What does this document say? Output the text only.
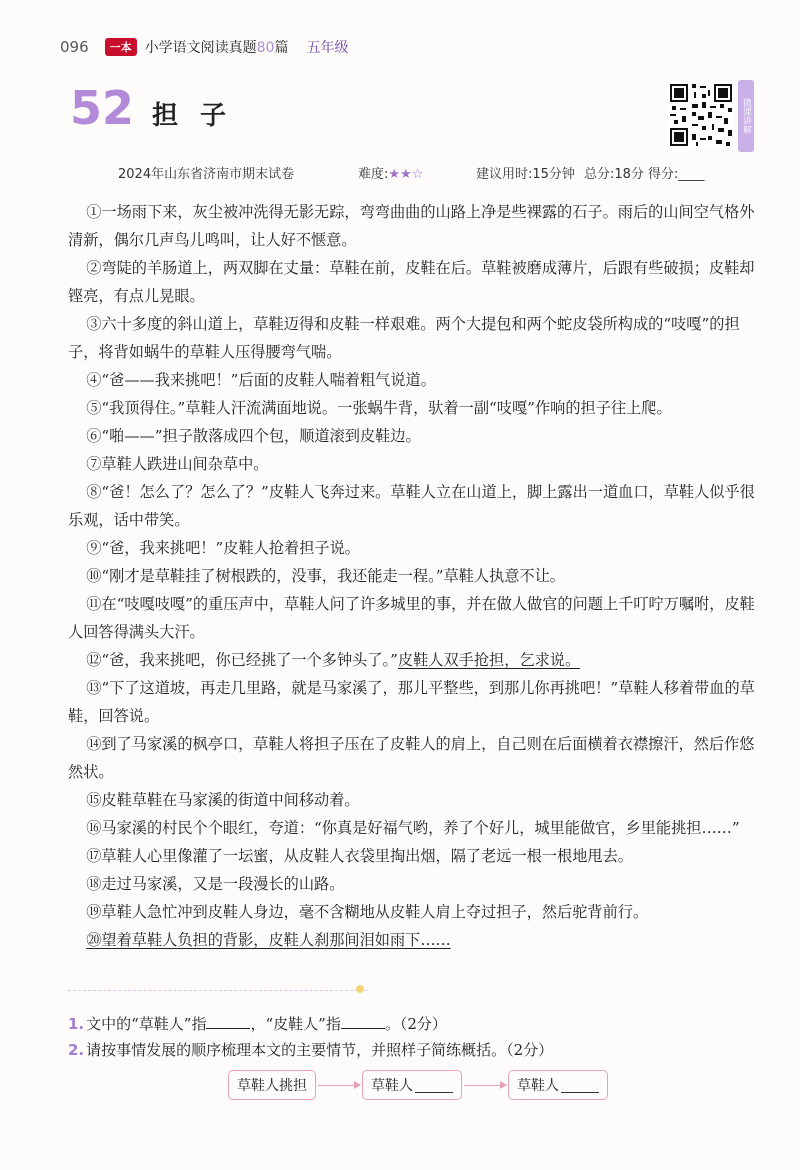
096	一本 小学语文阅读真题80篇 五年级
52 担子	微课讲解
2024年山东省济南市期末试卷	难度:★★☆	建议用时:15分钟 总分:18分 得分:____

①一场雨下来，灰尘被冲洗得无影无踪，弯弯曲曲的山路上净是些裸露的石子。雨后的山间空气格外清新，偶尔几声鸟儿鸣叫，让人好不惬意。

②弯陡的羊肠道上，两双脚在丈量：草鞋在前，皮鞋在后。草鞋被磨成薄片，后跟有些破损；皮鞋却铿亮，有点儿晃眼。

③六十多度的斜山道上，草鞋迈得和皮鞋一样艰难。两个大提包和两个蛇皮袋所构成的“吱嘎”的担子，将背如蜗牛的草鞋人压得腰弯气喘。

④“爸——我来挑吧！”后面的皮鞋人喘着粗气说道。

⑤“我顶得住。”草鞋人汗流满面地说。一张蜗牛背，驮着一副“吱嘎”作响的担子往上爬。

⑥“啪——”担子散落成四个包，顺道滚到皮鞋边。

⑦草鞋人跌进山间杂草中。

⑧“爸！怎么了？怎么了？”皮鞋人飞奔过来。草鞋人立在山道上，脚上露出一道血口，草鞋人似乎很乐观，话中带笑。

⑨“爸，我来挑吧！”皮鞋人抢着担子说。

⑩“刚才是草鞋挂了树根跌的，没事，我还能走一程。”草鞋人执意不让。

⑪在“吱嘎吱嘎”的重压声中，草鞋人问了许多城里的事，并在做人做官的问题上千叮咛万嘱咐，皮鞋人回答得满头大汗。

⑫“爸，我来挑吧，你已经挑了一个多钟头了。”皮鞋人双手抢担，乞求说。

⑬“下了这道坡，再走几里路，就是马家溪了，那儿平整些，到那儿你再挑吧！”草鞋人移着带血的草鞋，回答说。

⑭到了马家溪的枫亭口，草鞋人将担子压在了皮鞋人的肩上，自己则在后面横着衣襟擦汗，然后作悠然状。

⑮皮鞋草鞋在马家溪的街道中间移动着。

⑯马家溪的村民个个眼红，夸道：“你真是好福气哟，养了个好儿，城里能做官，乡里能挑担……”

⑰草鞋人心里像灌了一坛蜜，从皮鞋人衣袋里掏出烟，隔了老远一根一根地甩去。

⑱走过马家溪，又是一段漫长的山路。

⑲草鞋人急忙冲到皮鞋人身边，毫不含糊地从皮鞋人肩上夺过担子，然后驼背前行。

⑳望着草鞋人负担的背影，皮鞋人刹那间泪如雨下……

1. 文中的“草鞋人”指	，“皮鞋人”指	。（2分）
2. 请按事情发展的顺序梳理本文的主要情节，并照样子简练概括。（2分）
草鞋人挑担	草鞋人	草鞋人
